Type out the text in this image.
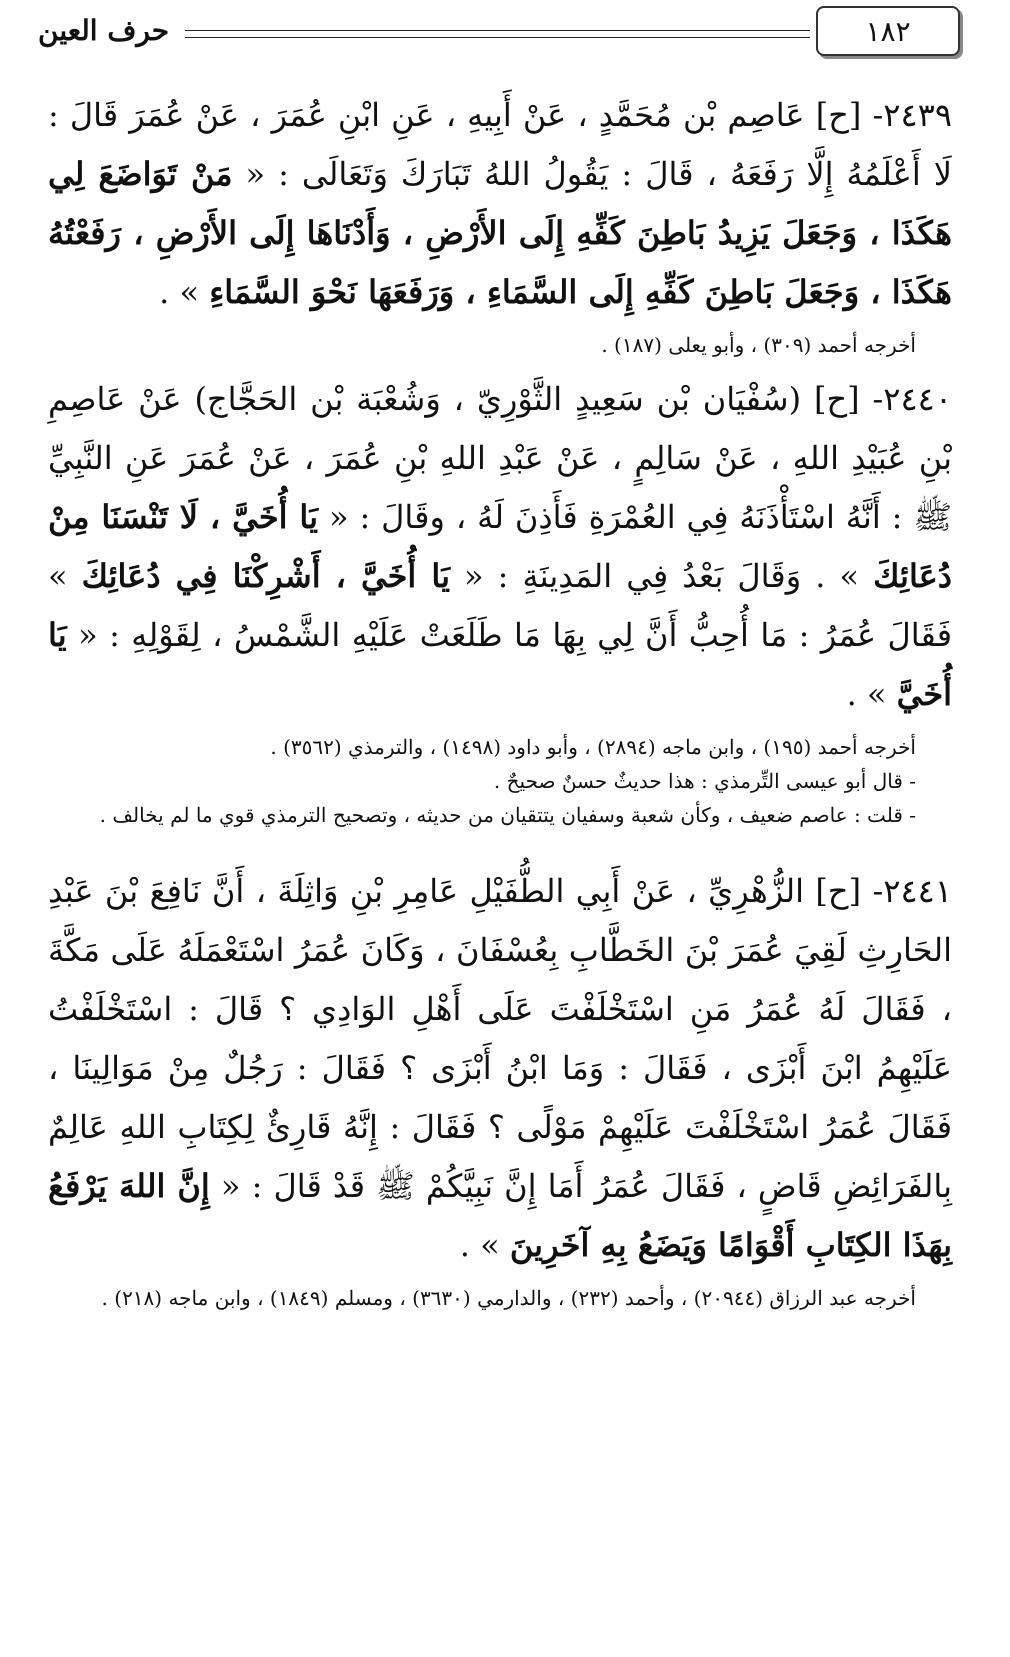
١٨٢
حرف العين

٢٤٣٩- [ح] عَاصِم بْن مُحَمَّدٍ ، عَنْ أَبِيهِ ، عَنِ ابْنِ عُمَرَ ، عَنْ عُمَرَ قَالَ : لَا أَعْلَمُهُ إِلَّا رَفَعَهُ ، قَالَ : يَقُولُ اللهُ تَبَارَكَ وَتَعَالَى : « مَنْ تَوَاضَعَ لِي هَكَذَا ، وَجَعَلَ يَزِيدُ بَاطِنَ كَفِّهِ إِلَى الأَرْضِ ، وَأَدْنَاهَا إِلَى الأَرْضِ ، رَفَعْتُهُ هَكَذَا ، وَجَعَلَ بَاطِنَ كَفِّهِ إِلَى السَّمَاءِ ، وَرَفَعَهَا نَحْوَ السَّمَاءِ » .

أخرجه أحمد (٣٠٩) ، وأبو يعلى (١٨٧) .

٢٤٤٠- [ح] (سُفْيَان بْن سَعِيدٍ الثَّوْرِيّ ، وَشُعْبَة بْن الحَجَّاج) عَنْ عَاصِمِ بْنِ عُبَيْدِ اللهِ ، عَنْ سَالِمٍ ، عَنْ عَبْدِ اللهِ بْنِ عُمَرَ ، عَنْ عُمَرَ عَنِ النَّبِيِّ ﷺ : أَنَّهُ اسْتَأْذَنَهُ فِي العُمْرَةِ فَأَذِنَ لَهُ ، وقَالَ : « يَا أُخَيَّ ، لَا تَنْسَنَا مِنْ دُعَائِكَ » . وَقَالَ بَعْدُ فِي المَدِينَةِ : « يَا أُخَيَّ ، أَشْرِكْنَا فِي دُعَائِكَ » فَقَالَ عُمَرُ : مَا أُحِبُّ أَنَّ لِي بِهَا مَا طَلَعَتْ عَلَيْهِ الشَّمْسُ ، لِقَوْلِهِ : « يَا أُخَيَّ » .

أخرجه أحمد (١٩٥) ، وابن ماجه (٢٨٩٤) ، وأبو داود (١٤٩٨) ، والترمذي (٣٥٦٢) .

- قال أبو عيسى التِّرمذي : هذا حديثٌ حسنٌ صحيحٌ .

- قلت : عاصم ضعيف ، وكأن شعبة وسفيان يتتقيان من حديثه ، وتصحيح الترمذي قوي ما لم يخالف .

٢٤٤١- [ح] الزُّهْرِيِّ ، عَنْ أَبِي الطُّفَيْلِ عَامِرِ بْنِ وَاثِلَةَ ، أَنَّ نَافِعَ بْنَ عَبْدِ الحَارِثِ لَقِيَ عُمَرَ بْنَ الخَطَّابِ بِعُسْفَانَ ، وَكَانَ عُمَرُ اسْتَعْمَلَهُ عَلَى مَكَّةَ ، فَقَالَ لَهُ عُمَرُ مَنِ اسْتَخْلَفْتَ عَلَى أَهْلِ الوَادِي ؟ قَالَ : اسْتَخْلَفْتُ عَلَيْهِمُ ابْنَ أَبْزَى ، فَقَالَ : وَمَا ابْنُ أَبْزَى ؟ فَقَالَ : رَجُلٌ مِنْ مَوَالِينَا ، فَقَالَ عُمَرُ اسْتَخْلَفْتَ عَلَيْهِمْ مَوْلًى ؟ فَقَالَ : إِنَّهُ قَارِئٌ لِكِتَابِ اللهِ عَالِمٌ بِالفَرَائِضِ قَاضٍ ، فَقَالَ عُمَرُ أَمَا إِنَّ نَبِيَّكُمْ ﷺ قَدْ قَالَ : « إِنَّ اللهَ يَرْفَعُ بِهَذَا الكِتَابِ أَقْوَامًا وَيَضَعُ بِهِ آخَرِينَ » .

أخرجه عبد الرزاق (٢٠٩٤٤) ، وأحمد (٢٣٢) ، والدارمي (٣٦٣٠) ، ومسلم (١٨٤٩) ، وابن ماجه (٢١٨) .
